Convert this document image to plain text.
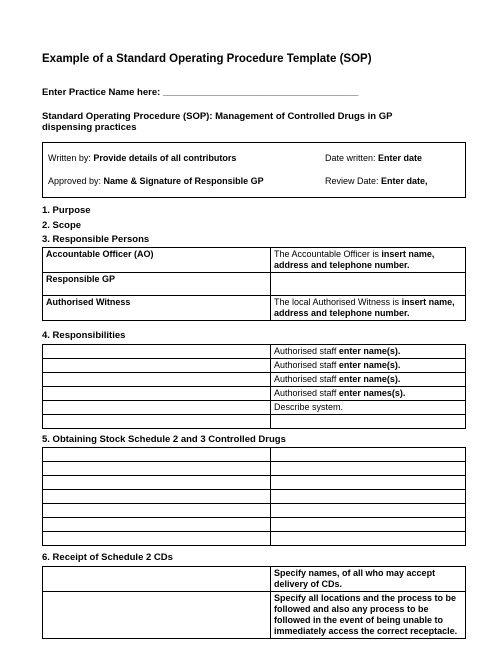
Example of a Standard Operating Procedure Template (SOP)
Enter Practice Name here: _____________________________________
Standard Operating Procedure (SOP): Management of Controlled Drugs in GP dispensing practices
Written by: Provide details of all contributors	Date written: Enter date
Approved by: Name & Signature of Responsible GP	Review Date: Enter date,
1. Purpose
2. Scope
3. Responsible Persons
Accountable Officer (AO)	The Accountable Officer is insert name, address and telephone number.
Responsible GP	
Authorised Witness	The local Authorised Witness is insert name, address and telephone number.
4. Responsibilities
	Authorised staff enter name(s).
	Authorised staff enter name(s).
	Authorised staff enter name(s).
	Authorised staff enter names(s).
	Describe system.

5. Obtaining Stock Schedule 2 and 3 Controlled Drugs

6. Receipt of Schedule 2 CDs
	Specify names, of all who may accept delivery of CDs.
	Specify all locations and the process to be followed and also any process to be followed in the event of being unable to immediately access the correct receptacle.
